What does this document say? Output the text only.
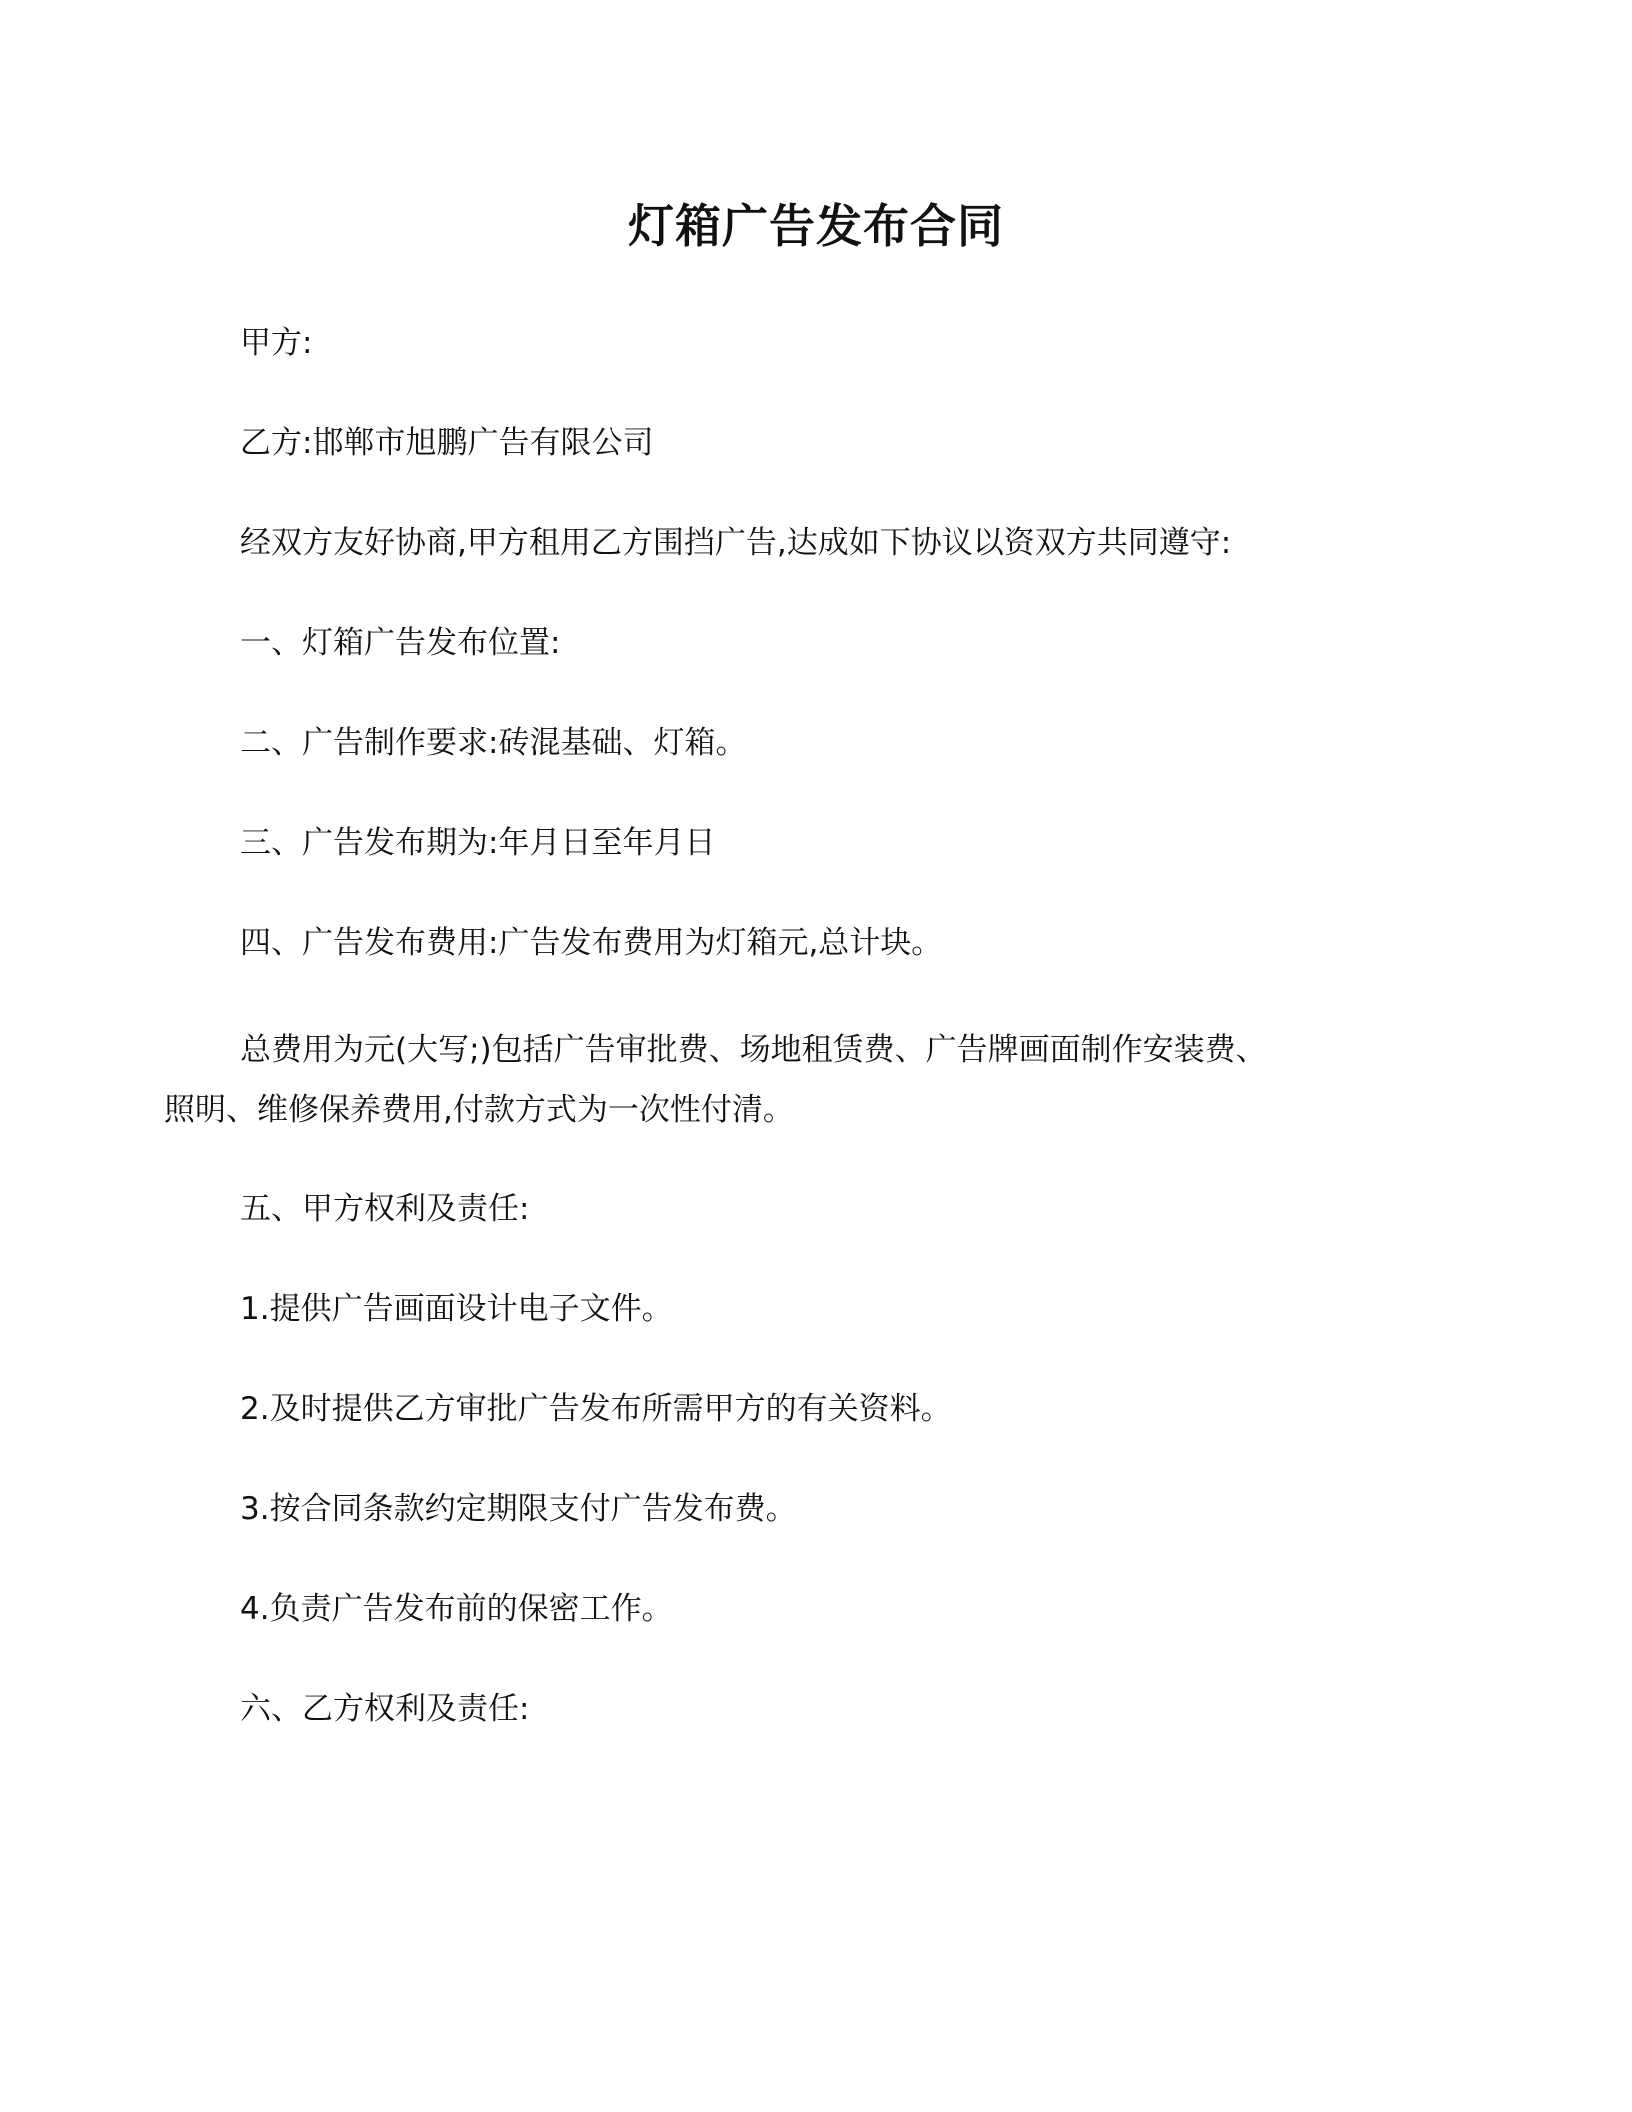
灯箱广告发布合同
甲方:
乙方:邯郸市旭鹏广告有限公司
经双方友好协商,甲方租用乙方围挡广告,达成如下协议以资双方共同遵守:
一、灯箱广告发布位置:
二、广告制作要求:砖混基础、灯箱。
三、广告发布期为:年月日至年月日
四、广告发布费用:广告发布费用为灯箱元,总计块。
总费用为元(大写;)包括广告审批费、场地租赁费、广告牌画面制作安装费、
照明、维修保养费用,付款方式为一次性付清。
五、甲方权利及责任:
1.提供广告画面设计电子文件。
2.及时提供乙方审批广告发布所需甲方的有关资料。
3.按合同条款约定期限支付广告发布费。
4.负责广告发布前的保密工作。
六、乙方权利及责任:
